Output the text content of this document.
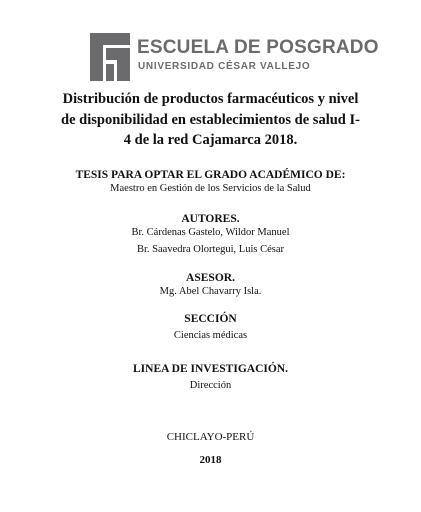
ESCUELA DE POSGRADO
UNIVERSIDAD CÉSAR VALLEJO

Distribución de productos farmacéuticos y nivel de disponibilidad en establecimientos de salud I-4 de la red Cajamarca 2018.

TESIS PARA OPTAR EL GRADO ACADÉMICO DE:

Maestro en Gestión de los Servicios de la Salud

AUTORES.

Br. Cárdenas Gastelo, Wildor Manuel

Br. Saavedra Olortegui, Luis César

ASESOR.

Mg. Abel Chavarry Isla.

SECCIÓN

Ciencias médicas

LINEA DE INVESTIGACIÓN.

Dirección

CHICLAYO-PERÚ

2018
